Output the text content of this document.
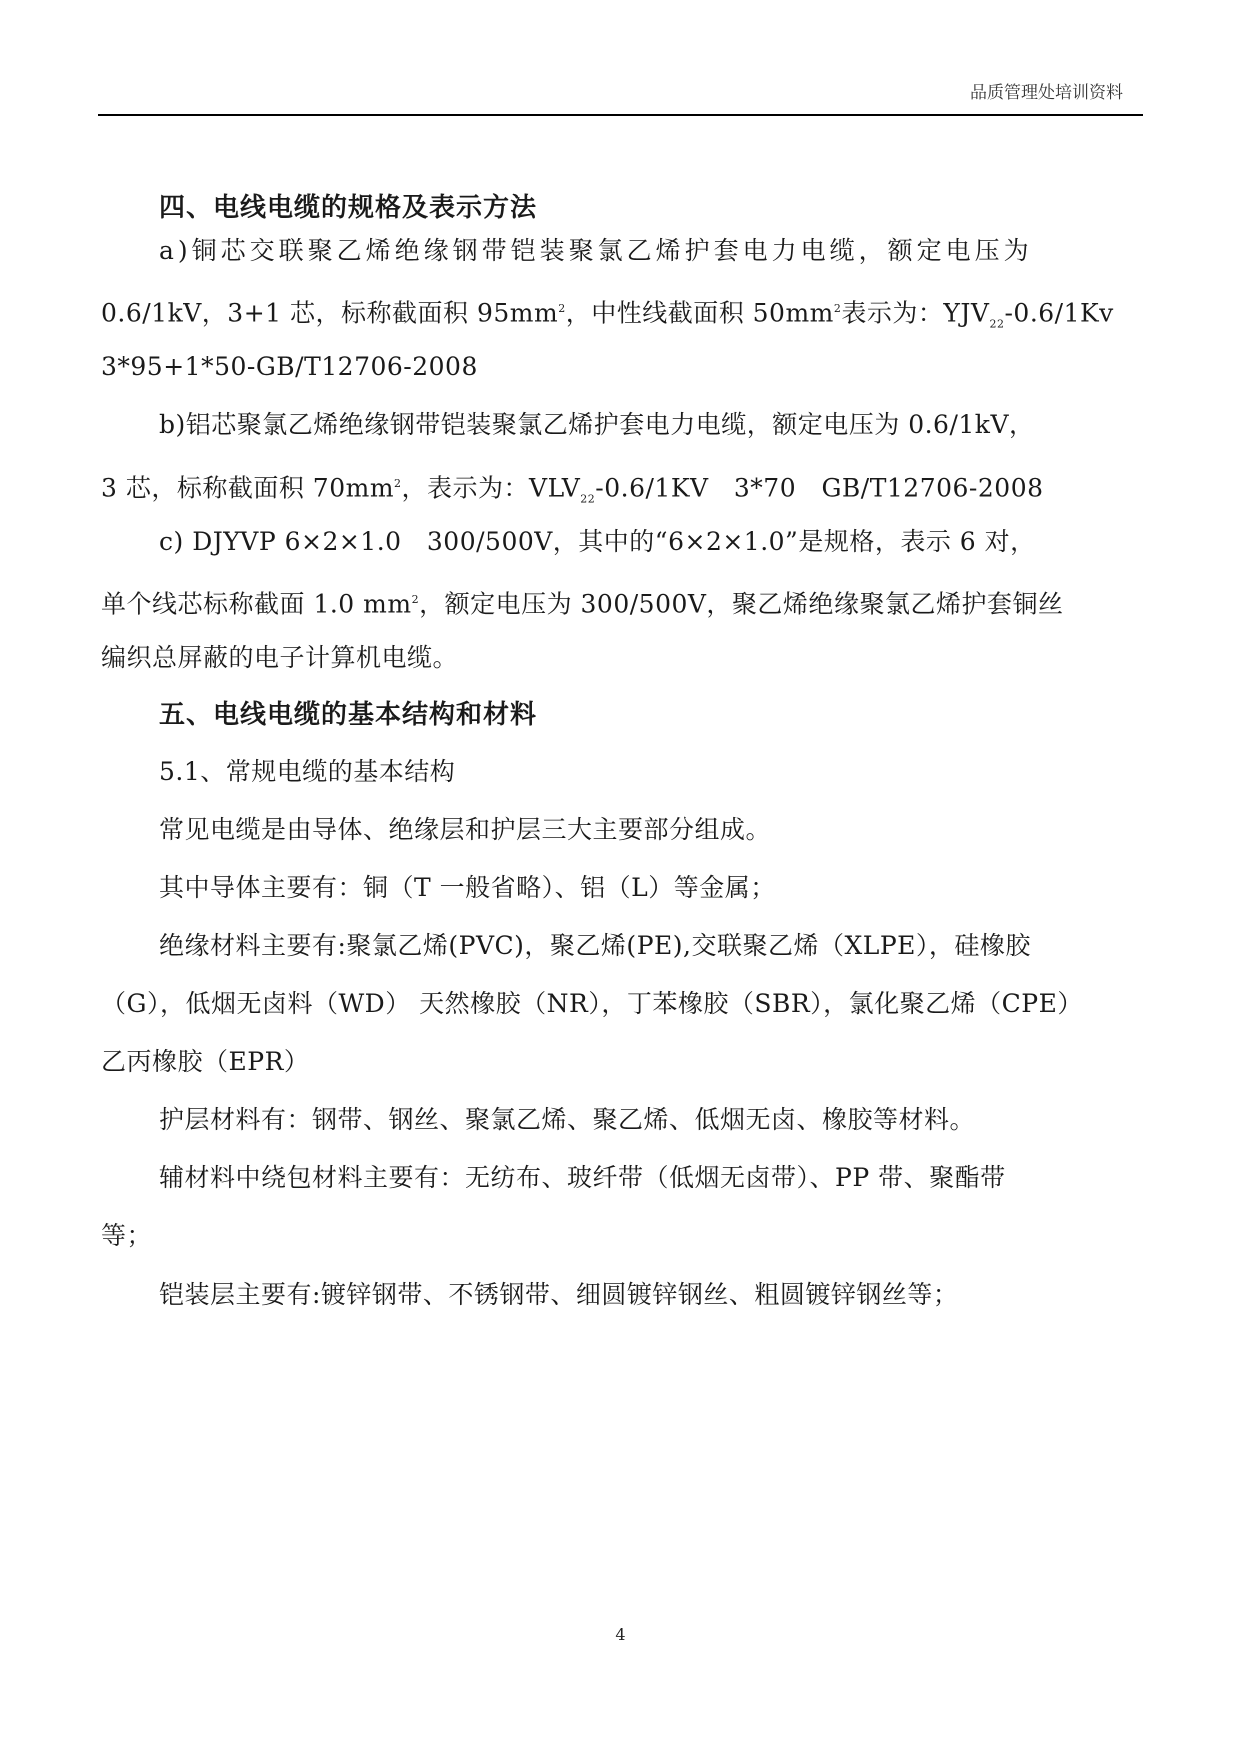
品质管理处培训资料
四、电线电缆的规格及表示方法

a)铜芯交联聚乙烯绝缘钢带铠装聚氯乙烯护套电力电缆，额定电压为

0.6/1kV，3+1 芯，标称截面积 $95mm^2$，中性线截面积 $50mm^2$表示为：$YJV_{22}-0.6/1Kv$

3*95+1*50-GB/T12706-2008

b)铝芯聚氯乙烯绝缘钢带铠装聚氯乙烯护套电力电缆，额定电压为 0.6/1kV，

3 芯，标称截面积 $70mm^2$，表示为：$VLV_{22}-0.6/1KV$   3*70   GB/T12706-2008

c) DJYVP 6×2×1.0   300/500V，其中的“6×2×1.0”是规格，表示 6 对，

单个线芯标称截面 1.0 $mm^2$，额定电压为 300/500V，聚乙烯绝缘聚氯乙烯护套铜丝

编织总屏蔽的电子计算机电缆。

五、电线电缆的基本结构和材料

5.1、常规电缆的基本结构

常见电缆是由导体、绝缘层和护层三大主要部分组成。

其中导体主要有：铜（T 一般省略）、铝（L）等金属；

绝缘材料主要有:聚氯乙烯(PVC)，聚乙烯(PE),交联聚乙烯（XLPE），硅橡胶

（G），低烟无卤料（WD） 天然橡胶（NR），丁苯橡胶（SBR），氯化聚乙烯（CPE）

乙丙橡胶（EPR）

护层材料有：钢带、钢丝、聚氯乙烯、聚乙烯、低烟无卤、橡胶等材料。

辅材料中绕包材料主要有：无纺布、玻纤带（低烟无卤带）、PP 带、聚酯带

等；

铠装层主要有:镀锌钢带、不锈钢带、细圆镀锌钢丝、粗圆镀锌钢丝等；

4
